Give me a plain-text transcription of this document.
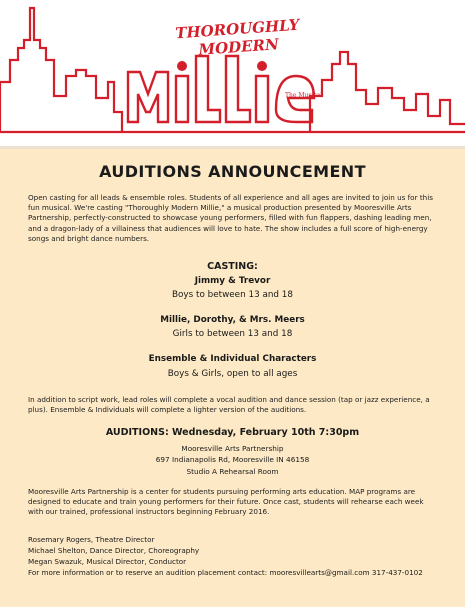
THOROUGHLY MODERN
The Musical
AUDITIONS ANNOUNCEMENT
Open casting for all leads & ensemble roles. Students of all experience and all ages are invited to join us for this fun musical. We're casting "Thoroughly Modern Millie," a musical production presented by Mooresville Arts Partnership, perfectly-constructed to showcase young performers, filled with fun flappers, dashing leading men, and a dragon-lady of a villainess that audiences will love to hate. The show includes a full score of high-energy songs and bright dance numbers.
CASTING:
Jimmy & Trevor
Boys to between 13 and 18
Millie, Dorothy, & Mrs. Meers
Girls to between 13 and 18
Ensemble & Individual Characters
Boys & Girls, open to all ages
In addition to script work, lead roles will complete a vocal audition and dance session (tap or jazz experience, a plus). Ensemble & Individuals will complete a lighter version of the auditions.
AUDITIONS: Wednesday, February 10th 7:30pm
Mooresville Arts Partnership
697 Indianapolis Rd, Mooresville IN 46158
Studio A Rehearsal Room
Mooresville Arts Partnership is a center for students pursuing performing arts education. MAP programs are designed to educate and train young performers for their future. Once cast, students will rehearse each week with our trained, professional instructors beginning February 2016.
Rosemary Rogers, Theatre Director
Michael Shelton, Dance Director, Choreography
Megan Swazuk, Musical Director, Conductor
For more information or to reserve an audition placement contact: mooresvillearts@gmail.com 317-437-0102
